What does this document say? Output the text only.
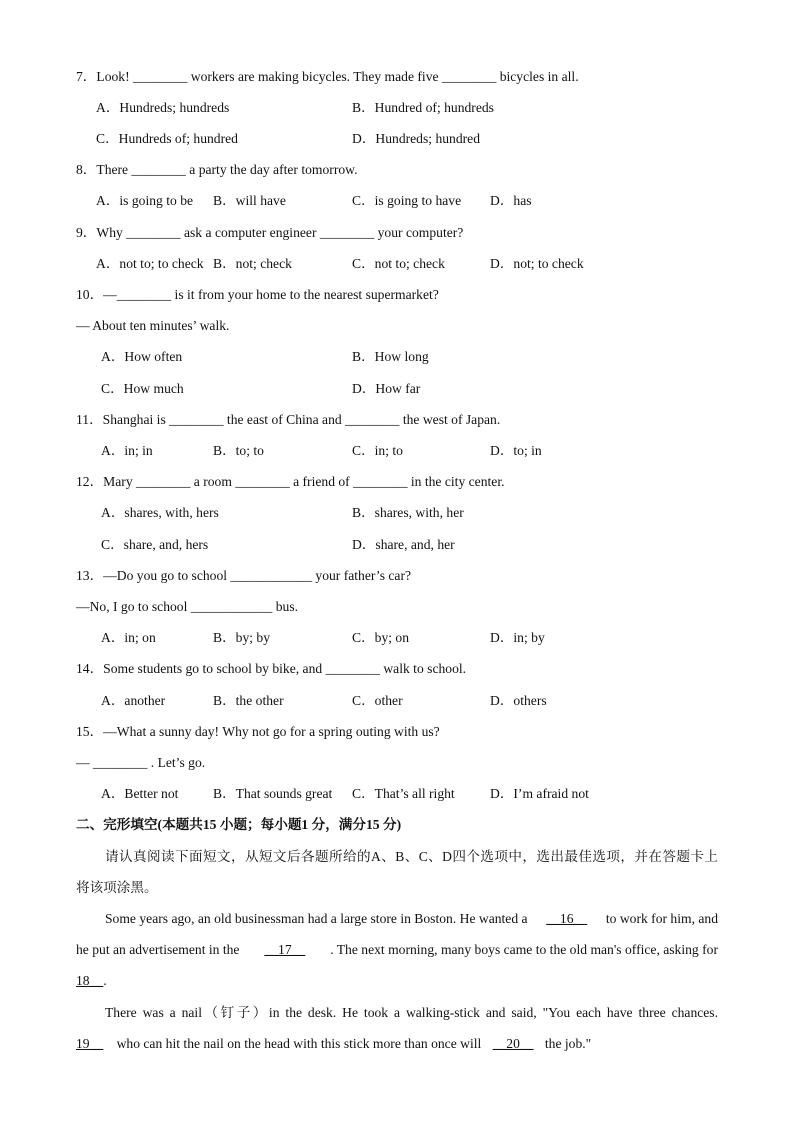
7．Look! ________ workers are making bicycles. They made five ________ bicycles in all.
A．Hundreds; hundreds	B．Hundred of; hundreds
C．Hundreds of; hundred	D．Hundreds; hundred
8．There ________ a party the day after tomorrow.
A．is going to be B．will have	C．is going to have D．has
9．Why ________ ask a computer engineer ________ your computer?
A．not to; to check B．not; check	C．not to; check	D．not; to check
10．—________ is it from your home to the nearest supermarket?
— About ten minutes’ walk.
A．How often	B．How long
C．How much	D．How far
11．Shanghai is ________ the east of China and ________ the west of Japan.
A．in; in	B．to; to	C．in; to	D．to; in
12．Mary ________ a room ________ a friend of ________ in the city center.
A．shares, with, hers	B．shares, with, her
C．share, and, hers	D．share, and, her
13．—Do you go to school ____________ your father’s car?
—No, I go to school ____________ bus.
A．in; on	B．by; by	C．by; on	D．in; by
14．Some students go to school by bike, and ________ walk to school.
A．another	B．the other	C．other	D．others
15．—What a sunny day! Why not go for a spring outing with us?
— ________ . Let’s go.
A．Better not	B．That sounds great C．That’s all right	D．I’m afraid not
二、完形填空(本题共15 小题；每小题1 分，满分15 分)
请认真阅读下面短文，从短文后各题所给的A、B、C、D四个选项中，选出最佳选项，并在答题卡上
将该项涂黑。
Some years ago, an old businessman had a large store in Boston. He wanted a __16__ to work for him, and
he put an advertisement in the __17__ . The next morning, many boys came to the old man's office, asking for
18__.
There was a nail（钉子）in the desk. He took a walking-stick and said, "You each have three chances.
19__ who can hit the nail on the head with this stick more than once will __20__ the job."
